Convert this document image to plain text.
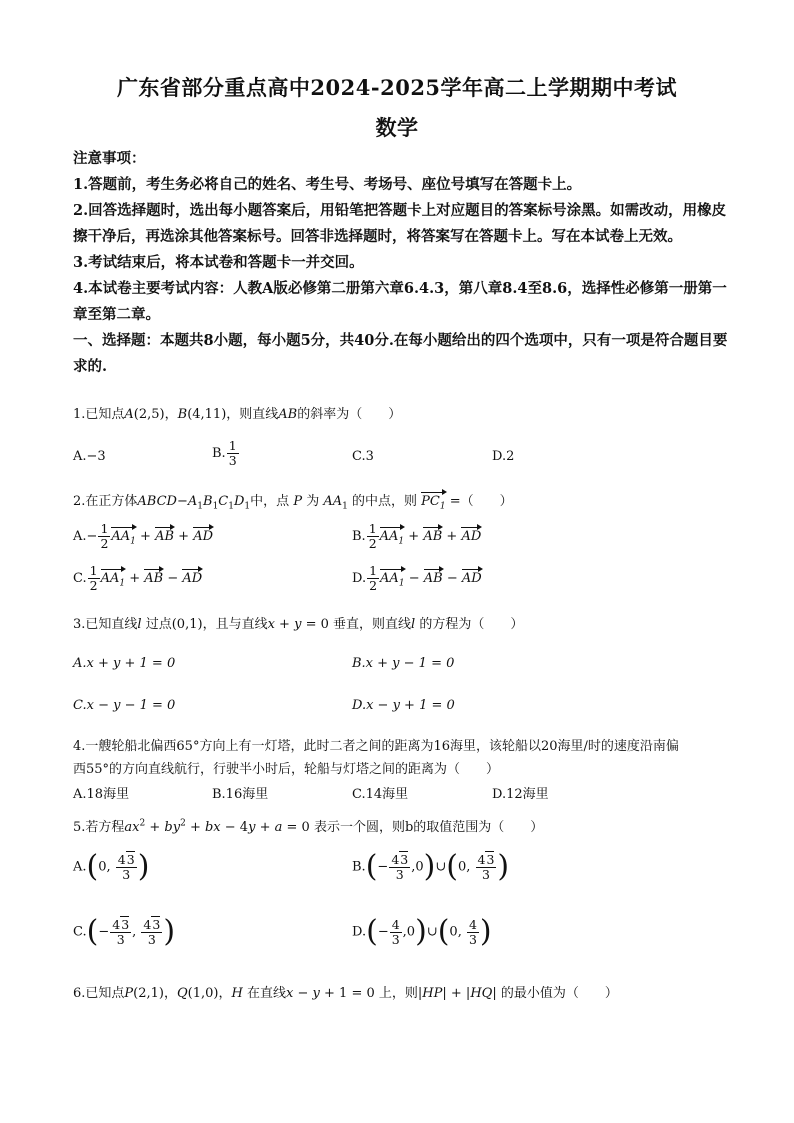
广东省部分重点高中2024-2025学年高二上学期期中考试
数学
注意事项：
1.答题前，考生务必将自己的姓名、考生号、考场号、座位号填写在答题卡上。
2.回答选择题时，选出每小题答案后，用铅笔把答题卡上对应题目的答案标号涂黑。如需改动，用橡皮擦干净后，再选涂其他答案标号。回答非选择题时，将答案写在答题卡上。写在本试卷上无效。
3.考试结束后，将本试卷和答题卡一并交回。
4.本试卷主要考试内容：人教A版必修第二册第六章6.4.3，第八章8.4至8.6，选择性必修第一册第一章至第二章。
一、选择题：本题共8小题，每小题5分，共40分.在每小题给出的四个选项中，只有一项是符合题目要求的.
1.已知点A(2,5)，B(4,11)，则直线AB的斜率为（　　）
A.−3	B. $\frac{1}{3}$	C.3	D.2
2.在正方体$ABCD-A_1B_1C_1D_1$中，点 P 为 $AA_1$ 的中点，则 $PC_1$ =（　　）
$A.- \frac{1}{2} AA_1$ + AB + AD	B. $\frac{1}{2} AA_1$ + AB + AD
C. $\frac{1}{2} AA_1$ + AB − AD	D. $\frac{1}{2} AA_1$ − AB − AD
3.已知直线l 过点(0,1)，且与直线x + y = 0 垂直，则直线l 的方程为（　　）
A.x + y + 1 = 0	B.x + y − 1 = 0
C.x − y − 1 = 0	D.x − y + 1 = 0
4.一艘轮船北偏西65°方向上有一灯塔，此时二者之间的距离为16海里，该轮船以20海里/时的速度沿南偏
西55°的方向直线航行，行驶半小时后，轮船与灯塔之间的距离为（　　）
A.18海里	B.16海里	C.14海里	D.12海里
5.若方程$ax^2 + by^2$ + bx − 4y + a = 0 表示一个圆，则b的取值范围为（　　）
A.(0, $\frac{43}{3}$ )	$B.(- \frac{43}{3}$ ,0)∪(0, $\frac{43}{3}$ )
$C.(- \frac{43}{3}$ , $\frac{43}{3}$ )	$D.(- \frac{4}{3}$ ,0)∪(0, $\frac{4}{3}$ )
6.已知点P(2,1)，Q(1,0)，H 在直线x − y + 1 = 0 上，则|HP| + |HQ| 的最小值为（　　）
